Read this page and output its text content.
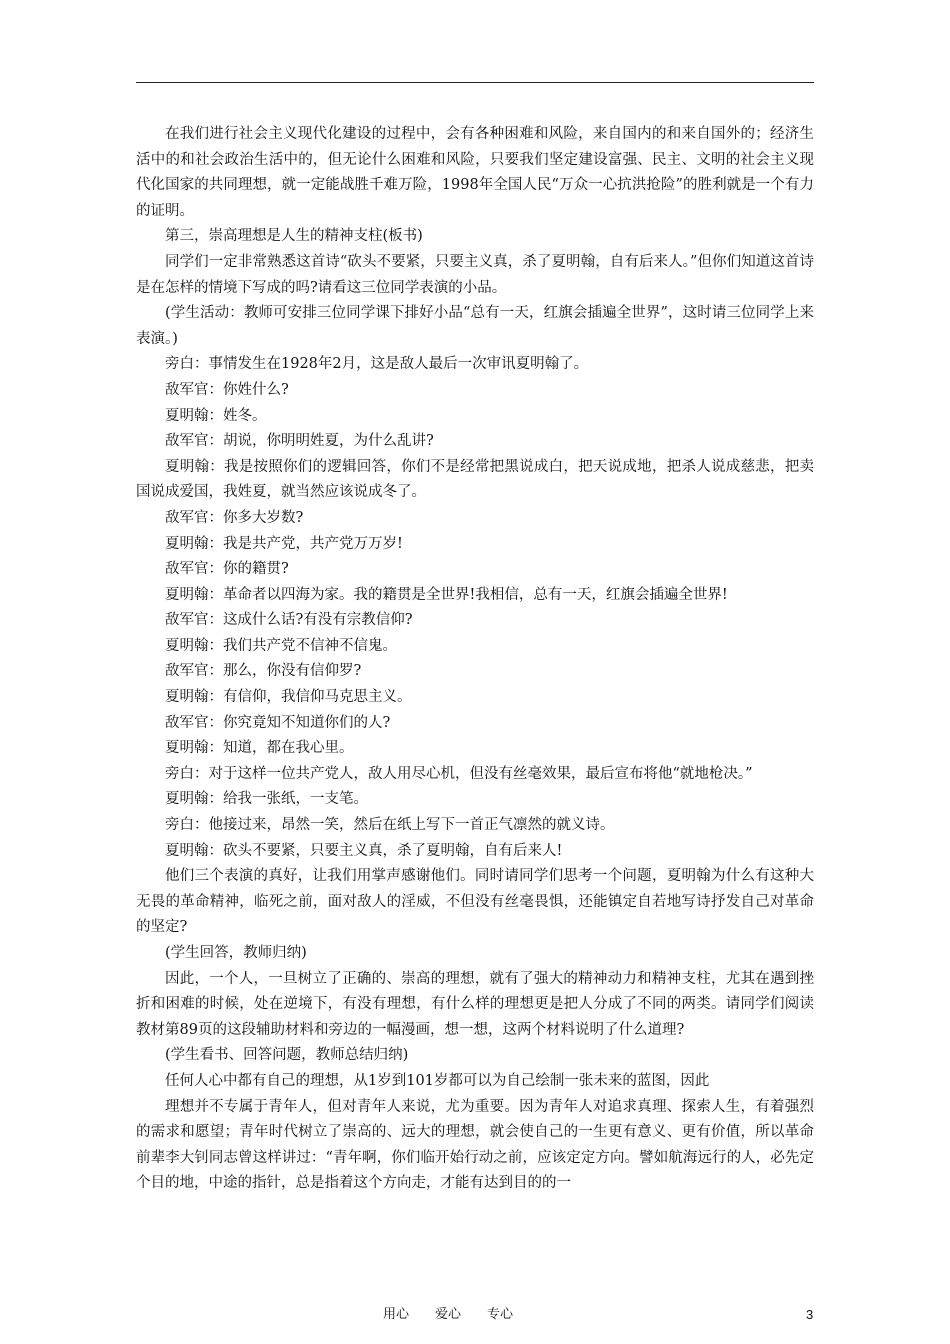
在我们进行社会主义现代化建设的过程中，会有各种困难和风险，来自国内的和来自国外的；经济生活中的和社会政治生活中的，但无论什么困难和风险，只要我们坚定建设富强、民主、文明的社会主义现代化国家的共同理想，就一定能战胜千难万险，1998年全国人民“万众一心抗洪抢险”的胜利就是一个有力的证明。

第三，崇高理想是人生的精神支柱(板书)

同学们一定非常熟悉这首诗“砍头不要紧，只要主义真，杀了夏明翰，自有后来人。”但你们知道这首诗是在怎样的情境下写成的吗?请看这三位同学表演的小品。

(学生活动：教师可安排三位同学课下排好小品“总有一天，红旗会插遍全世界”，这时请三位同学上来表演。)

旁白：事情发生在1928年2月，这是敌人最后一次审讯夏明翰了。

敌军官：你姓什么?

夏明翰：姓冬。

敌军官：胡说，你明明姓夏，为什么乱讲?

夏明翰：我是按照你们的逻辑回答，你们不是经常把黑说成白，把天说成地，把杀人说成慈悲，把卖国说成爱国，我姓夏，就当然应该说成冬了。

敌军官：你多大岁数?

夏明翰：我是共产党，共产党万万岁!

敌军官：你的籍贯?

夏明翰：革命者以四海为家。我的籍贯是全世界!我相信，总有一天，红旗会插遍全世界!

敌军官：这成什么话?有没有宗教信仰?

夏明翰：我们共产党不信神不信鬼。

敌军官：那么，你没有信仰罗?

夏明翰：有信仰，我信仰马克思主义。

敌军官：你究竟知不知道你们的人?

夏明翰：知道，都在我心里。

旁白：对于这样一位共产党人，敌人用尽心机，但没有丝毫效果，最后宣布将他“就地枪决。”

夏明翰：给我一张纸，一支笔。

旁白：他接过来，昂然一笑，然后在纸上写下一首正气凛然的就义诗。

夏明翰：砍头不要紧，只要主义真，杀了夏明翰，自有后来人!

他们三个表演的真好，让我们用掌声感谢他们。同时请同学们思考一个问题，夏明翰为什么有这种大无畏的革命精神，临死之前，面对敌人的淫威，不但没有丝毫畏惧，还能镇定自若地写诗抒发自己对革命的坚定?

(学生回答，教师归纳)

因此，一个人，一旦树立了正确的、崇高的理想，就有了强大的精神动力和精神支柱，尤其在遇到挫折和困难的时候，处在逆境下，有没有理想，有什么样的理想更是把人分成了不同的两类。请同学们阅读教材第89页的这段辅助材料和旁边的一幅漫画，想一想，这两个材料说明了什么道理?

(学生看书、回答问题，教师总结归纳)

任何人心中都有自己的理想，从1岁到101岁都可以为自己绘制一张未来的蓝图，因此

理想并不专属于青年人，但对青年人来说，尤为重要。因为青年人对追求真理、探索人生，有着强烈的需求和愿望；青年时代树立了崇高的、远大的理想，就会使自己的一生更有意义、更有价值，所以革命前辈李大钊同志曾这样讲过：“青年啊，你们临开始行动之前，应该定定方向。譬如航海远行的人，必先定个目的地，中途的指针，总是指着这个方向走，才能有达到目的的一

用心　　爱心　　专心	3
